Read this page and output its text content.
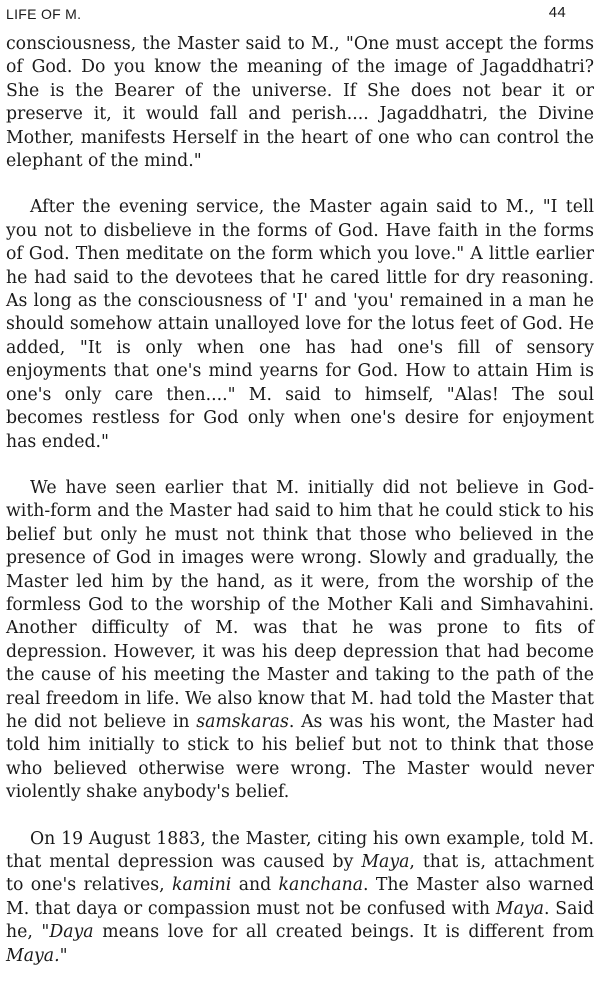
LIFE OF M.	44

consciousness, the Master said to M., "One must accept the forms of God. Do you know the meaning of the image of Jagaddhatri? She is the Bearer of the universe. If She does not bear it or preserve it, it would fall and perish.... Jagaddhatri, the Divine Mother, manifests Herself in the heart of one who can control the elephant of the mind."

After the evening service, the Master again said to M., "I tell you not to disbelieve in the forms of God. Have faith in the forms of God. Then meditate on the form which you love." A little earlier he had said to the devotees that he cared little for dry reasoning. As long as the consciousness of 'I' and 'you' remained in a man he should somehow attain unalloyed love for the lotus feet of God. He added, "It is only when one has had one's fill of sensory enjoyments that one's mind yearns for God. How to attain Him is one's only care then...." M. said to himself, "Alas! The soul becomes restless for God only when one's desire for enjoyment has ended."

We have seen earlier that M. initially did not believe in God-with-form and the Master had said to him that he could stick to his belief but only he must not think that those who believed in the presence of God in images were wrong. Slowly and gradually, the Master led him by the hand, as it were, from the worship of the formless God to the worship of the Mother Kali and Simhavahini. Another difficulty of M. was that he was prone to fits of depression. However, it was his deep depression that had become the cause of his meeting the Master and taking to the path of the real freedom in life. We also know that M. had told the Master that he did not believe in samskaras. As was his wont, the Master had told him initially to stick to his belief but not to think that those who believed otherwise were wrong. The Master would never violently shake anybody's belief.

On 19 August 1883, the Master, citing his own example, told M. that mental depression was caused by Maya, that is, attachment to one's relatives, kamini and kanchana. The Master also warned M. that daya or compassion must not be confused with Maya. Said he, "Daya means love for all created beings. It is different from Maya."
